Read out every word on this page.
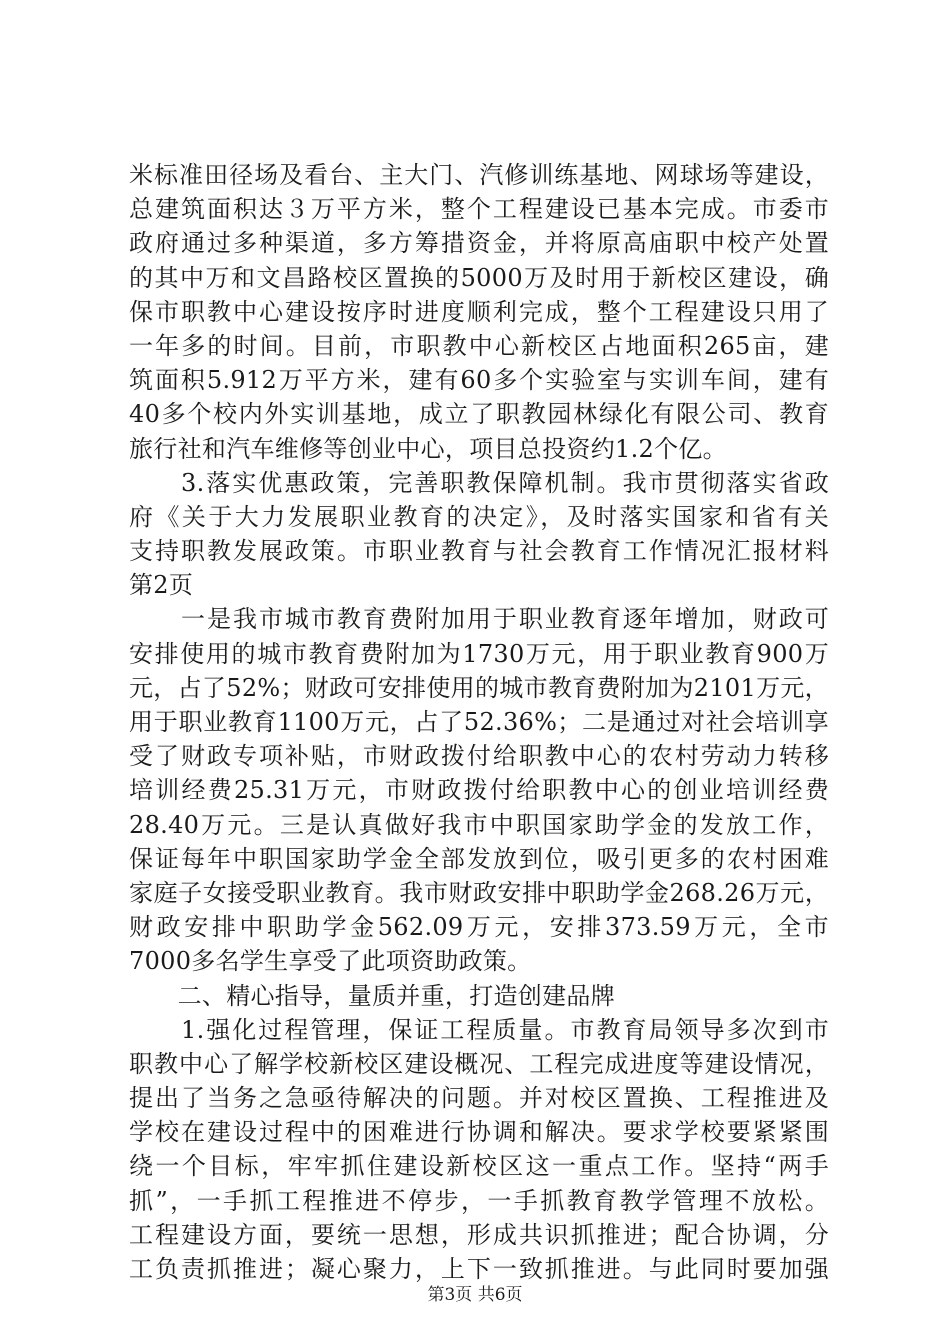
米标准田径场及看台、主大门、汽修训练基地、网球场等建设，
总建筑面积达３万平方米，整个工程建设已基本完成。市委市
政府通过多种渠道，多方筹措资金，并将原高庙职中校产处置
的其中万和文昌路校区置换的5000万及时用于新校区建设，确
保市职教中心建设按序时进度顺利完成，整个工程建设只用了
一年多的时间。目前，市职教中心新校区占地面积265亩，建
筑面积5.912万平方米，建有60多个实验室与实训车间，建有
40多个校内外实训基地，成立了职教园林绿化有限公司、教育
旅行社和汽车维修等创业中心，项目总投资约1.2个亿。
　　3.落实优惠政策，完善职教保障机制。我市贯彻落实省政
府《关于大力发展职业教育的决定》，及时落实国家和省有关
支持职教发展政策。市职业教育与社会教育工作情况汇报材料
第2页
　　一是我市城市教育费附加用于职业教育逐年增加，财政可
安排使用的城市教育费附加为1730万元，用于职业教育900万
元，占了52%；财政可安排使用的城市教育费附加为2101万元，
用于职业教育1100万元，占了52.36%；二是通过对社会培训享
受了财政专项补贴，市财政拨付给职教中心的农村劳动力转移
培训经费25.31万元，市财政拨付给职教中心的创业培训经费
28.40万元。三是认真做好我市中职国家助学金的发放工作，
保证每年中职国家助学金全部发放到位，吸引更多的农村困难
家庭子女接受职业教育。我市财政安排中职助学金268.26万元，
财政安排中职助学金562.09万元，安排373.59万元，全市
7000多名学生享受了此项资助政策。
　　二、精心指导，量质并重，打造创建品牌
　　1.强化过程管理，保证工程质量。市教育局领导多次到市
职教中心了解学校新校区建设概况、工程完成进度等建设情况，
提出了当务之急亟待解决的问题。并对校区置换、工程推进及
学校在建设过程中的困难进行协调和解决。要求学校要紧紧围
绕一个目标，牢牢抓住建设新校区这一重点工作。坚持“两手
抓”，一手抓工程推进不停步，一手抓教育教学管理不放松。
工程建设方面，要统一思想，形成共识抓推进；配合协调，分
工负责抓推进；凝心聚力，上下一致抓推进。与此同时要加强
第3页 共6页
